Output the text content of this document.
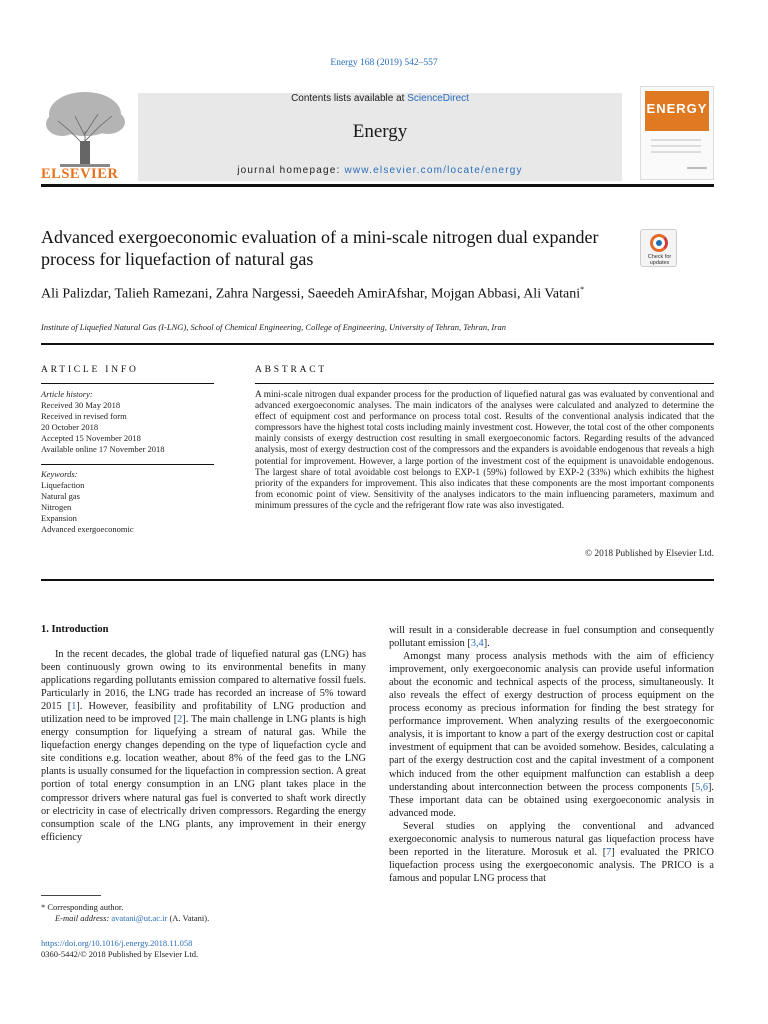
Energy 168 (2019) 542–557
ELSEVIER
Contents lists available at ScienceDirect
Energy
journal homepage: www.elsevier.com/locate/energy
ENERGY
Advanced exergoeconomic evaluation of a mini-scale nitrogen dual expander process for liquefaction of natural gas	Check for
updates
Ali Palizdar, Talieh Ramezani, Zahra Nargessi, Saeedeh AmirAfshar, Mojgan Abbasi, Ali Vatani*
Institute of Liquefied Natural Gas (I-LNG), School of Chemical Engineering, College of Engineering, University of Tehran, Tehran, Iran
ARTICLE INFO
Article history:
Received 30 May 2018
Received in revised form
20 October 2018
Accepted 15 November 2018
Available online 17 November 2018
Keywords:
Liquefaction
Natural gas
Nitrogen
Expansion
Advanced exergoeconomic
ABSTRACT
A mini-scale nitrogen dual expander process for the production of liquefied natural gas was evaluated by conventional and advanced exergoeconomic analyses. The main indicators of the analyses were calculated and analyzed to determine the effect of equipment cost and performance on process total cost. Results of the conventional analysis indicated that the compressors have the highest total costs including mainly investment cost. However, the total cost of the other components mainly consists of exergy destruction cost resulting in small exergoeconomic factors. Regarding results of the advanced analysis, most of exergy destruction cost of the compressors and the expanders is avoidable endogenous that reveals a high potential for improvement. However, a large portion of the investment cost of the equipment is unavoidable endogenous. The largest share of total avoidable cost belongs to EXP-1 (59%) followed by EXP-2 (33%) which exhibits the highest priority of the expanders for improvement. This also indicates that these components are the most important components from economic point of view. Sensitivity of the analyses indicators to the main influencing parameters, maximum and minimum pressures of the cycle and the refrigerant flow rate was also investigated.
© 2018 Published by Elsevier Ltd.
1. Introduction

In the recent decades, the global trade of liquefied natural gas (LNG) has been continuously grown owing to its environmental benefits in many applications regarding pollutants emission compared to alternative fossil fuels. Particularly in 2016, the LNG trade has recorded an increase of 5% toward 2015 [1]. However, feasibility and profitability of LNG production and utilization need to be improved [2]. The main challenge in LNG plants is high energy consumption for liquefying a stream of natural gas. While the liquefaction energy changes depending on the type of liquefaction cycle and site conditions e.g. location weather, about 8% of the feed gas to the LNG plants is usually consumed for the liquefaction in compression section. A great portion of total energy consumption in an LNG plant takes place in the compressor drivers where natural gas fuel is converted to shaft work directly or electricity in case of electrically driven compressors. Regarding the energy consumption scale of the LNG plants, any improvement in their energy efficiency

will result in a considerable decrease in fuel consumption and consequently pollutant emission [3,4].

Amongst many process analysis methods with the aim of efficiency improvement, only exergoeconomic analysis can provide useful information about the economic and technical aspects of the process, simultaneously. It also reveals the effect of exergy destruction of process equipment on the process economy as precious information for finding the best strategy for performance improvement. When analyzing results of the exergoeconomic analysis, it is important to know a part of the exergy destruction cost or capital investment of equipment that can be avoided somehow. Besides, calculating a part of the exergy destruction cost and the capital investment of a component which induced from the other equipment malfunction can establish a deep understanding about interconnection between the process components [5,6]. These important data can be obtained using exergoeconomic analysis in advanced mode.

Several studies on applying the conventional and advanced exergoeconomic analysis to numerous natural gas liquefaction process have been reported in the literature. Morosuk et al. [7] evaluated the PRICO liquefaction process using the exergoeconomic analysis. The PRICO is a famous and popular LNG process that

* Corresponding author.
E-mail address: avatani@ut.ac.ir (A. Vatani).
https://doi.org/10.1016/j.energy.2018.11.058
0360-5442/© 2018 Published by Elsevier Ltd.
